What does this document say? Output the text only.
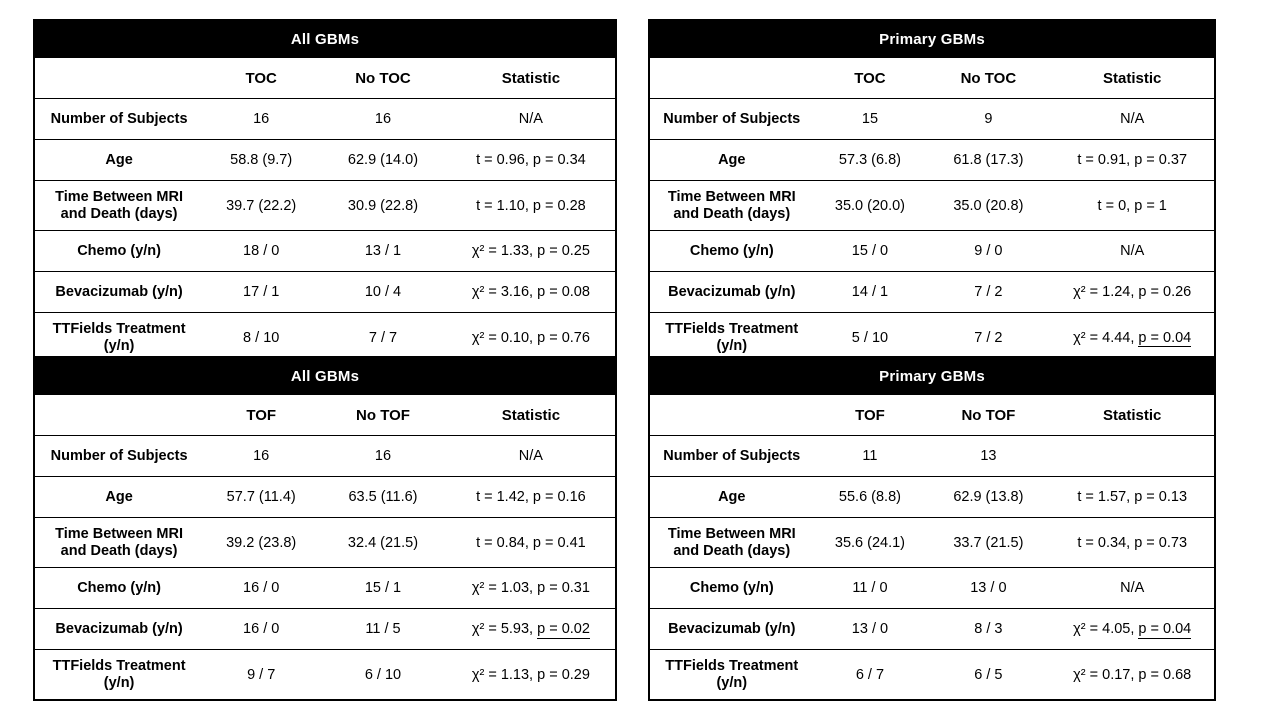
All GBMs
	TOC	No TOC	Statistic
Number of Subjects	16	16	N/A
Age	58.8 (9.7)	62.9 (14.0)	t = 0.96, p = 0.34
Time Between MRI and Death (days)	39.7 (22.2)	30.9 (22.8)	t = 1.10, p = 0.28
Chemo (y/n)	18 / 0	13 / 1	χ² = 1.33, p = 0.25
Bevacizumab (y/n)	17 / 1	10 / 4	χ² = 3.16, p = 0.08
TTFields Treatment (y/n)	8 / 10	7 / 7	χ² = 0.10, p = 0.76
Primary GBMs
	TOC	No TOC	Statistic
Number of Subjects	15	9	N/A
Age	57.3 (6.8)	61.8 (17.3)	t = 0.91, p = 0.37
Time Between MRI and Death (days)	35.0 (20.0)	35.0 (20.8)	t = 0, p = 1
Chemo (y/n)	15 / 0	9 / 0	N/A
Bevacizumab (y/n)	14 / 1	7 / 2	χ² = 1.24, p = 0.26
TTFields Treatment (y/n)	5 / 10	7 / 2	χ² = 4.44, p = 0.04
All GBMs
	TOF	No TOF	Statistic
Number of Subjects	16	16	N/A
Age	57.7 (11.4)	63.5 (11.6)	t = 1.42, p = 0.16
Time Between MRI and Death (days)	39.2 (23.8)	32.4 (21.5)	t = 0.84, p = 0.41
Chemo (y/n)	16 / 0	15 / 1	χ² = 1.03, p = 0.31
Bevacizumab (y/n)	16 / 0	11 / 5	χ² = 5.93, p = 0.02
TTFields Treatment (y/n)	9 / 7	6 / 10	χ² = 1.13, p = 0.29
Primary GBMs
	TOF	No TOF	Statistic
Number of Subjects	11	13	
Age	55.6 (8.8)	62.9 (13.8)	t = 1.57, p = 0.13
Time Between MRI and Death (days)	35.6 (24.1)	33.7 (21.5)	t = 0.34, p = 0.73
Chemo (y/n)	11 / 0	13 / 0	N/A
Bevacizumab (y/n)	13 / 0	8 / 3	χ² = 4.05, p = 0.04
TTFields Treatment (y/n)	6 / 7	6 / 5	χ² = 0.17, p = 0.68
